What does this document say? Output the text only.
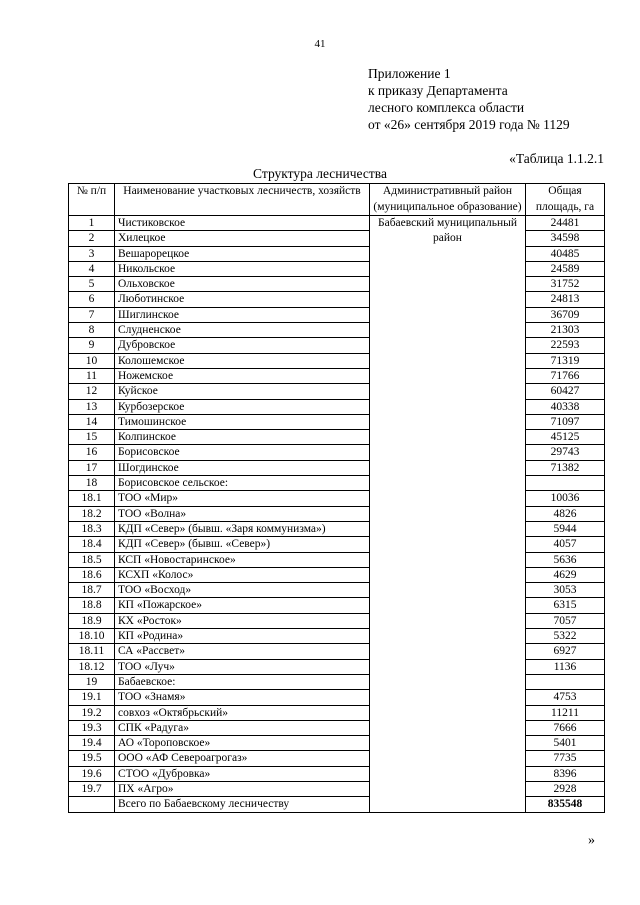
41
Приложение 1
к приказу Департамента
лесного комплекса области
от «26» сентября 2019 года № 1129
«Таблица 1.1.2.1
Структура лесничества
№ п/п	Наименование участковых лесничеств, хозяйств	Административный район (муниципальное образование)	Общая площадь, га
1	Чистиковское	Бабаевский муниципальный район	24481
2	Хилецкое		34598
3	Вешарорецкое		40485
4	Никольское		24589
5	Ольховское		31752
6	Люботинское		24813
7	Шиглинское		36709
8	Слудненское		21303
9	Дубровское		22593
10	Колошемское		71319
11	Ножемское		71766
12	Куйское		60427
13	Курбозерское		40338
14	Тимошинское		71097
15	Колпинское		45125
16	Борисовское		29743
17	Шогдинское		71382
18	Борисовское сельское:		
18.1	ТОО «Мир»		10036
18.2	ТОО «Волна»		4826
18.3	КДП «Север» (бывш. «Заря коммунизма»)		5944
18.4	КДП «Север» (бывш. «Север»)		4057
18.5	КСП «Новостаринское»		5636
18.6	КСХП «Колос»		4629
18.7	ТОО «Восход»		3053
18.8	КП «Пожарское»		6315
18.9	КХ «Росток»		7057
18.10	КП «Родина»		5322
18.11	СА «Рассвет»		6927
18.12	ТОО «Луч»		1136
19	Бабаевское:		
19.1	ТОО «Знамя»		4753
19.2	совхоз «Октябрьский»		11211
19.3	СПК «Радуга»		7666
19.4	АО «Тороповское»		5401
19.5	ООО «АФ Североагрогаз»		7735
19.6	СТОО «Дубровка»		8396
19.7	ПХ «Агро»		2928
	Всего по Бабаевскому лесничеству		835548
»
